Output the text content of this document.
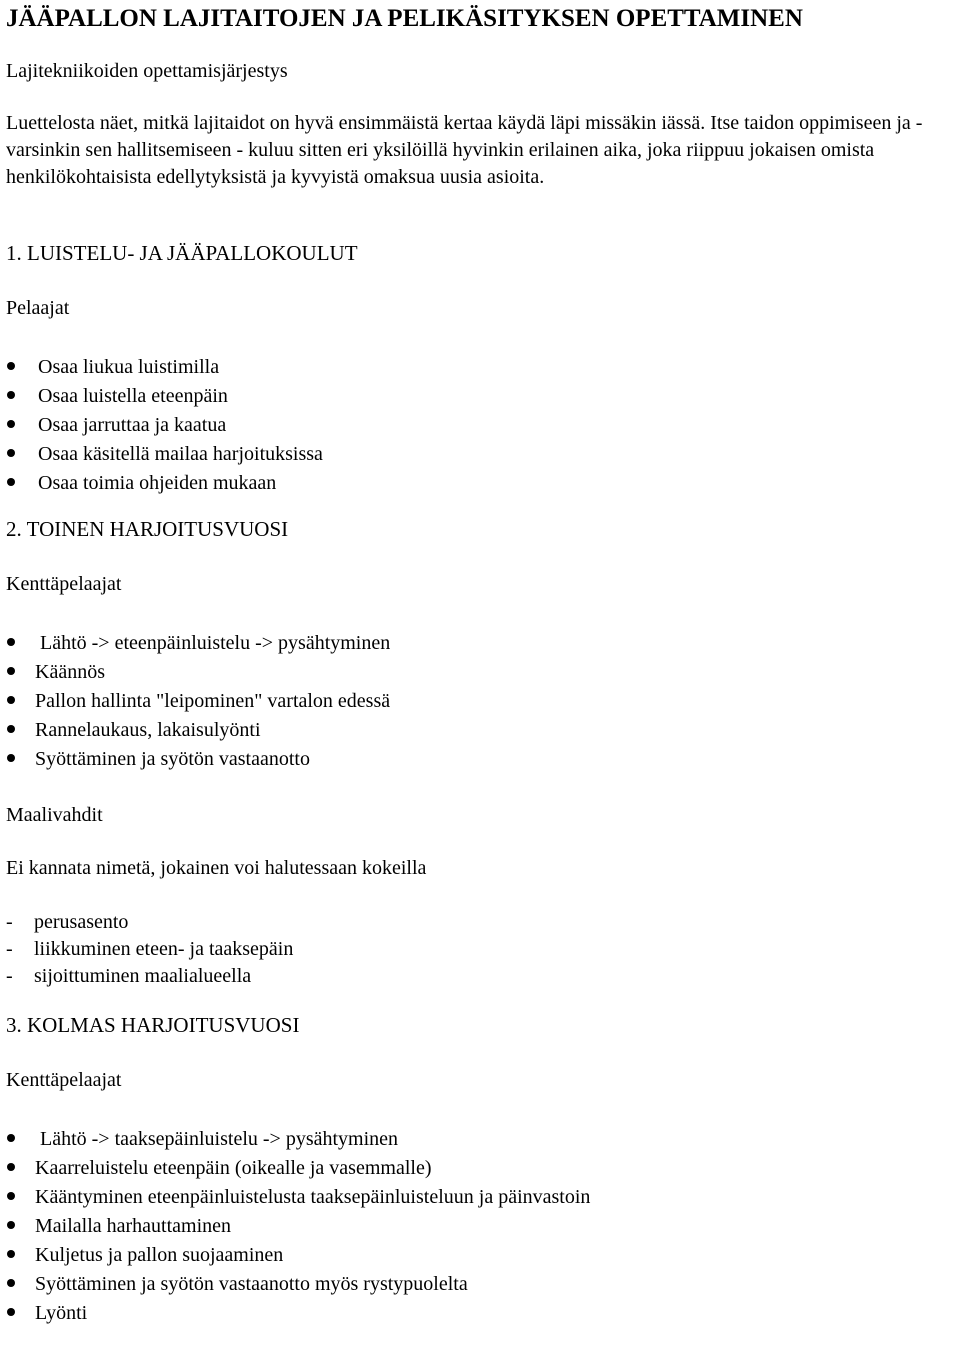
JÄÄPALLON LAJITAITOJEN JA PELIKÄSITYKSEN OPETTAMINEN

Lajitekniikoiden opettamisjärjestys

Luettelosta näet, mitkä lajitaidot on hyvä ensimmäistä kertaa käydä läpi missäkin iässä. Itse taidon oppimiseen ja - varsinkin sen hallitsemiseen - kuluu sitten eri yksilöillä hyvinkin erilainen aika, joka riippuu jokaisen omista henkilökohtaisista edellytyksistä ja kyvyistä omaksua uusia asioita.

1. LUISTELU- JA JÄÄPALLOKOULUT

Pelaajat

Osaa liukua luistimilla
Osaa luistella eteenpäin
Osaa jarruttaa ja kaatua
Osaa käsitellä mailaa harjoituksissa
Osaa toimia ohjeiden mukaan

2. TOINEN HARJOITUSVUOSI

Kenttäpelaajat

Lähtö -> eteenpäinluistelu -> pysähtyminen
Käännös
Pallon hallinta "leipominen" vartalon edessä
Rannelaukaus, lakaisulyönti
Syöttäminen ja syötön vastaanotto

Maalivahdit

Ei kannata nimetä, jokainen voi halutessaan kokeilla

- perusasento
- liikkuminen eteen- ja taaksepäin
- sijoittuminen maalialueella

3. KOLMAS HARJOITUSVUOSI

Kenttäpelaajat

Lähtö -> taaksepäinluistelu -> pysähtyminen
Kaarreluistelu eteenpäin (oikealle ja vasemmalle)
Kääntyminen eteenpäinluistelusta taaksepäinluisteluun ja päinvastoin
Mailalla harhauttaminen
Kuljetus ja pallon suojaaminen
Syöttäminen ja syötön vastaanotto myös rystypuolelta
Lyönti
